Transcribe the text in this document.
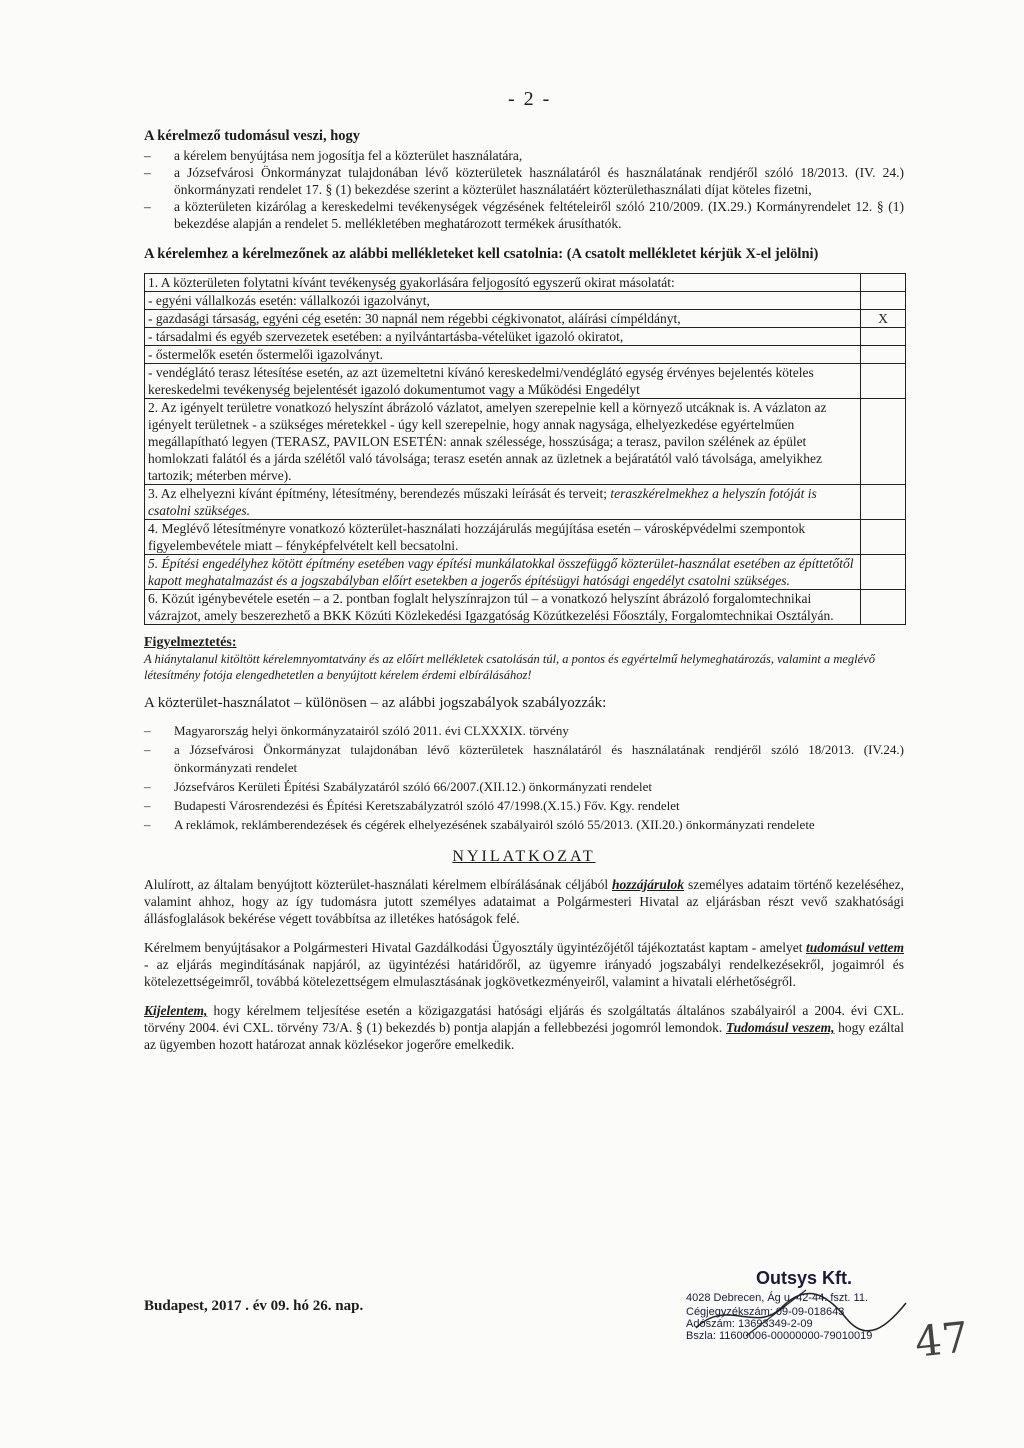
- 2 -
A kérelmező tudomásul veszi, hogy
– a kérelem benyújtása nem jogosítja fel a közterület használatára,
– a Józsefvárosi Önkormányzat tulajdonában lévő közterületek használatáról és használatának rendjéről szóló 18/2013. (IV. 24.) önkormányzati rendelet 17. § (1) bekezdése szerint a közterület használatáért közterülethasználati díjat köteles fizetni,
– a közterületen kizárólag a kereskedelmi tevékenységek végzésének feltételeiről szóló 210/2009. (IX.29.) Kormányrendelet 12. § (1) bekezdése alapján a rendelet 5. mellékletében meghatározott termékek árusíthatók.
A kérelemhez a kérelmezőnek az alábbi mellékleteket kell csatolnia: (A csatolt mellékletet kérjük X-el jelölni)
1. A közterületen folytatni kívánt tevékenység gyakorlására feljogosító egyszerű okirat másolatát:	
- egyéni vállalkozás esetén: vállalkozói igazolványt,	
- gazdasági társaság, egyéni cég esetén: 30 napnál nem régebbi cégkivonatot, aláírási címpéldányt,	X
- társadalmi és egyéb szervezetek esetében: a nyilvántartásba-vételüket igazoló okiratot,	
- őstermelők esetén őstermelői igazolványt.	
- vendéglátó terasz létesítése esetén, az azt üzemeltetni kívánó kereskedelmi/vendéglátó egység érvényes bejelentés köteles kereskedelmi tevékenység bejelentését igazoló dokumentumot vagy a Működési Engedélyt	
2. Az igényelt területre vonatkozó helyszínt ábrázoló vázlatot, amelyen szerepelnie kell a környező utcáknak is. A vázlaton az igényelt területnek - a szükséges méretekkel - úgy kell szerepelnie, hogy annak nagysága, elhelyezkedése egyértelműen megállapítható legyen (TERASZ, PAVILON ESETÉN: annak szélessége, hosszúsága; a terasz, pavilon szélének az épület homlokzati falától és a járda szélétől való távolsága; terasz esetén annak az üzletnek a bejáratától való távolsága, amelyikhez tartozik; méterben mérve).	
3. Az elhelyezni kívánt építmény, létesítmény, berendezés műszaki leírását és terveit; teraszkérelmekhez a helyszín fotóját is csatolni szükséges.	
4. Meglévő létesítményre vonatkozó közterület-használati hozzájárulás megújítása esetén – városképvédelmi szempontok figyelembevétele miatt – fényképfelvételt kell becsatolni.	
5. Építési engedélyhez kötött építmény esetében vagy építési munkálatokkal összefüggő közterület-használat esetében az építtetőtől kapott meghatalmazást és a jogszabályban előírt esetekben a jogerős építésügyi hatósági engedélyt csatolni szükséges.	
6. Közút igénybevétele esetén – a 2. pontban foglalt helyszínrajzon túl – a vonatkozó helyszínt ábrázoló forgalomtechnikai vázrajzot, amely beszerezhető a BKK Közúti Közlekedési Igazgatóság Közútkezelési Főosztály, Forgalomtechnikai Osztályán.	
Figyelmeztetés:
A hiánytalanul kitöltött kérelemnyomtatvány és az előírt mellékletek csatolásán túl, a pontos és egyértelmű helymeghatározás, valamint a meglévő létesítmény fotója elengedhetetlen a benyújtott kérelem érdemi elbírálásához!
A közterület-használatot – különösen – az alábbi jogszabályok szabályozzák:
– Magyarország helyi önkormányzatairól szóló 2011. évi CLXXXIX. törvény
– a Józsefvárosi Önkormányzat tulajdonában lévő közterületek használatáról és használatának rendjéről szóló 18/2013. (IV.24.) önkormányzati rendelet
– Józsefváros Kerületi Építési Szabályzatáról szóló 66/2007.(XII.12.) önkormányzati rendelet
– Budapesti Városrendezési és Építési Keretszabályzatról szóló 47/1998.(X.15.) Főv. Kgy. rendelet
– A reklámok, reklámberendezések és cégérek elhelyezésének szabályairól szóló 55/2013. (XII.20.) önkormányzati rendelete
NYILATKOZAT

Alulírott, az általam benyújtott közterület-használati kérelmem elbírálásának céljából hozzájárulok személyes adataim történő kezeléséhez, valamint ahhoz, hogy az így tudomásra jutott személyes adataimat a Polgármesteri Hivatal az eljárásban részt vevő szakhatósági állásfoglalások bekérése végett továbbítsa az illetékes hatóságok felé.

Kérelmem benyújtásakor a Polgármesteri Hivatal Gazdálkodási Ügyosztály ügyintézőjétől tájékoztatást kaptam - amelyet tudomásul vettem - az eljárás megindításának napjáról, az ügyintézési határidőről, az ügyemre irányadó jogszabályi rendelkezésekről, jogaimról és kötelezettségeimről, továbbá kötelezettségem elmulasztásának jogkövetkezményeiről, valamint a hivatali elérhetőségről.

Kijelentem, hogy kérelmem teljesítése esetén a közigazgatási hatósági eljárás és szolgáltatás általános szabályairól a 2004. évi CXL. törvény 2004. évi CXL. törvény 73/A. § (1) bekezdés b) pontja alapján a fellebbezési jogomról lemondok. Tudomásul veszem, hogy ezáltal az ügyemben hozott határozat annak közlésekor jogerőre emelkedik.

Budapest, 2017 . év 09. hó 26. nap.
Outsys Kft.
4028 Debrecen, Ág u. 42-44. fszt. 11.
Cégjegyzékszám: 09-09-018643
Adószám: 13693349-2-09
Bszla: 11600006-00000000-79010019 47
